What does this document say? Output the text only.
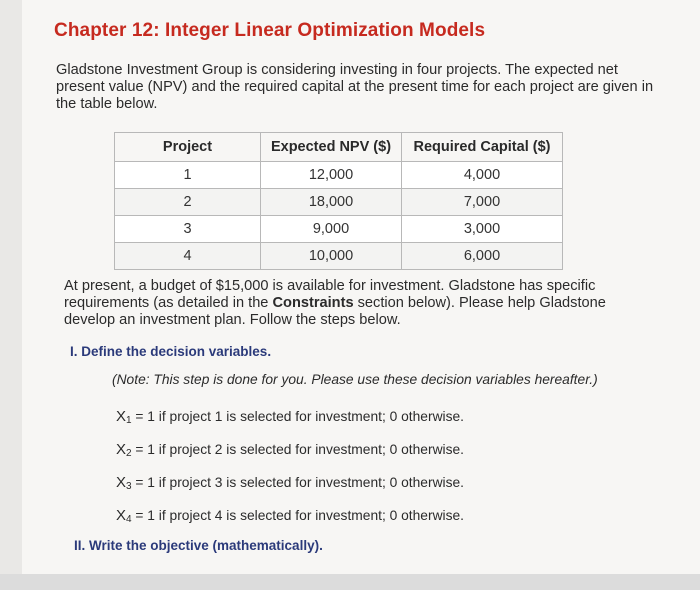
Chapter 12: Integer Linear Optimization Models
Gladstone Investment Group is considering investing in four projects. The expected net present value (NPV) and the required capital at the present time for each project are given in the table below.
Project	Expected NPV ($)	Required Capital ($)
1	12,000	4,000
2	18,000	7,000
3	9,000	3,000
4	10,000	6,000
At present, a budget of $15,000 is available for investment. Gladstone has specific requirements (as detailed in the Constraints section below). Please help Gladstone develop an investment plan. Follow the steps below.
I. Define the decision variables.
(Note: This step is done for you. Please use these decision variables hereafter.)
$X_1 = 1$ if project 1 is selected for investment; 0 otherwise.
$X_2 = 1$ if project 2 is selected for investment; 0 otherwise.
$X_3 = 1$ if project 3 is selected for investment; 0 otherwise.
$X_4 = 1$ if project 4 is selected for investment; 0 otherwise.
II. Write the objective (mathematically).
